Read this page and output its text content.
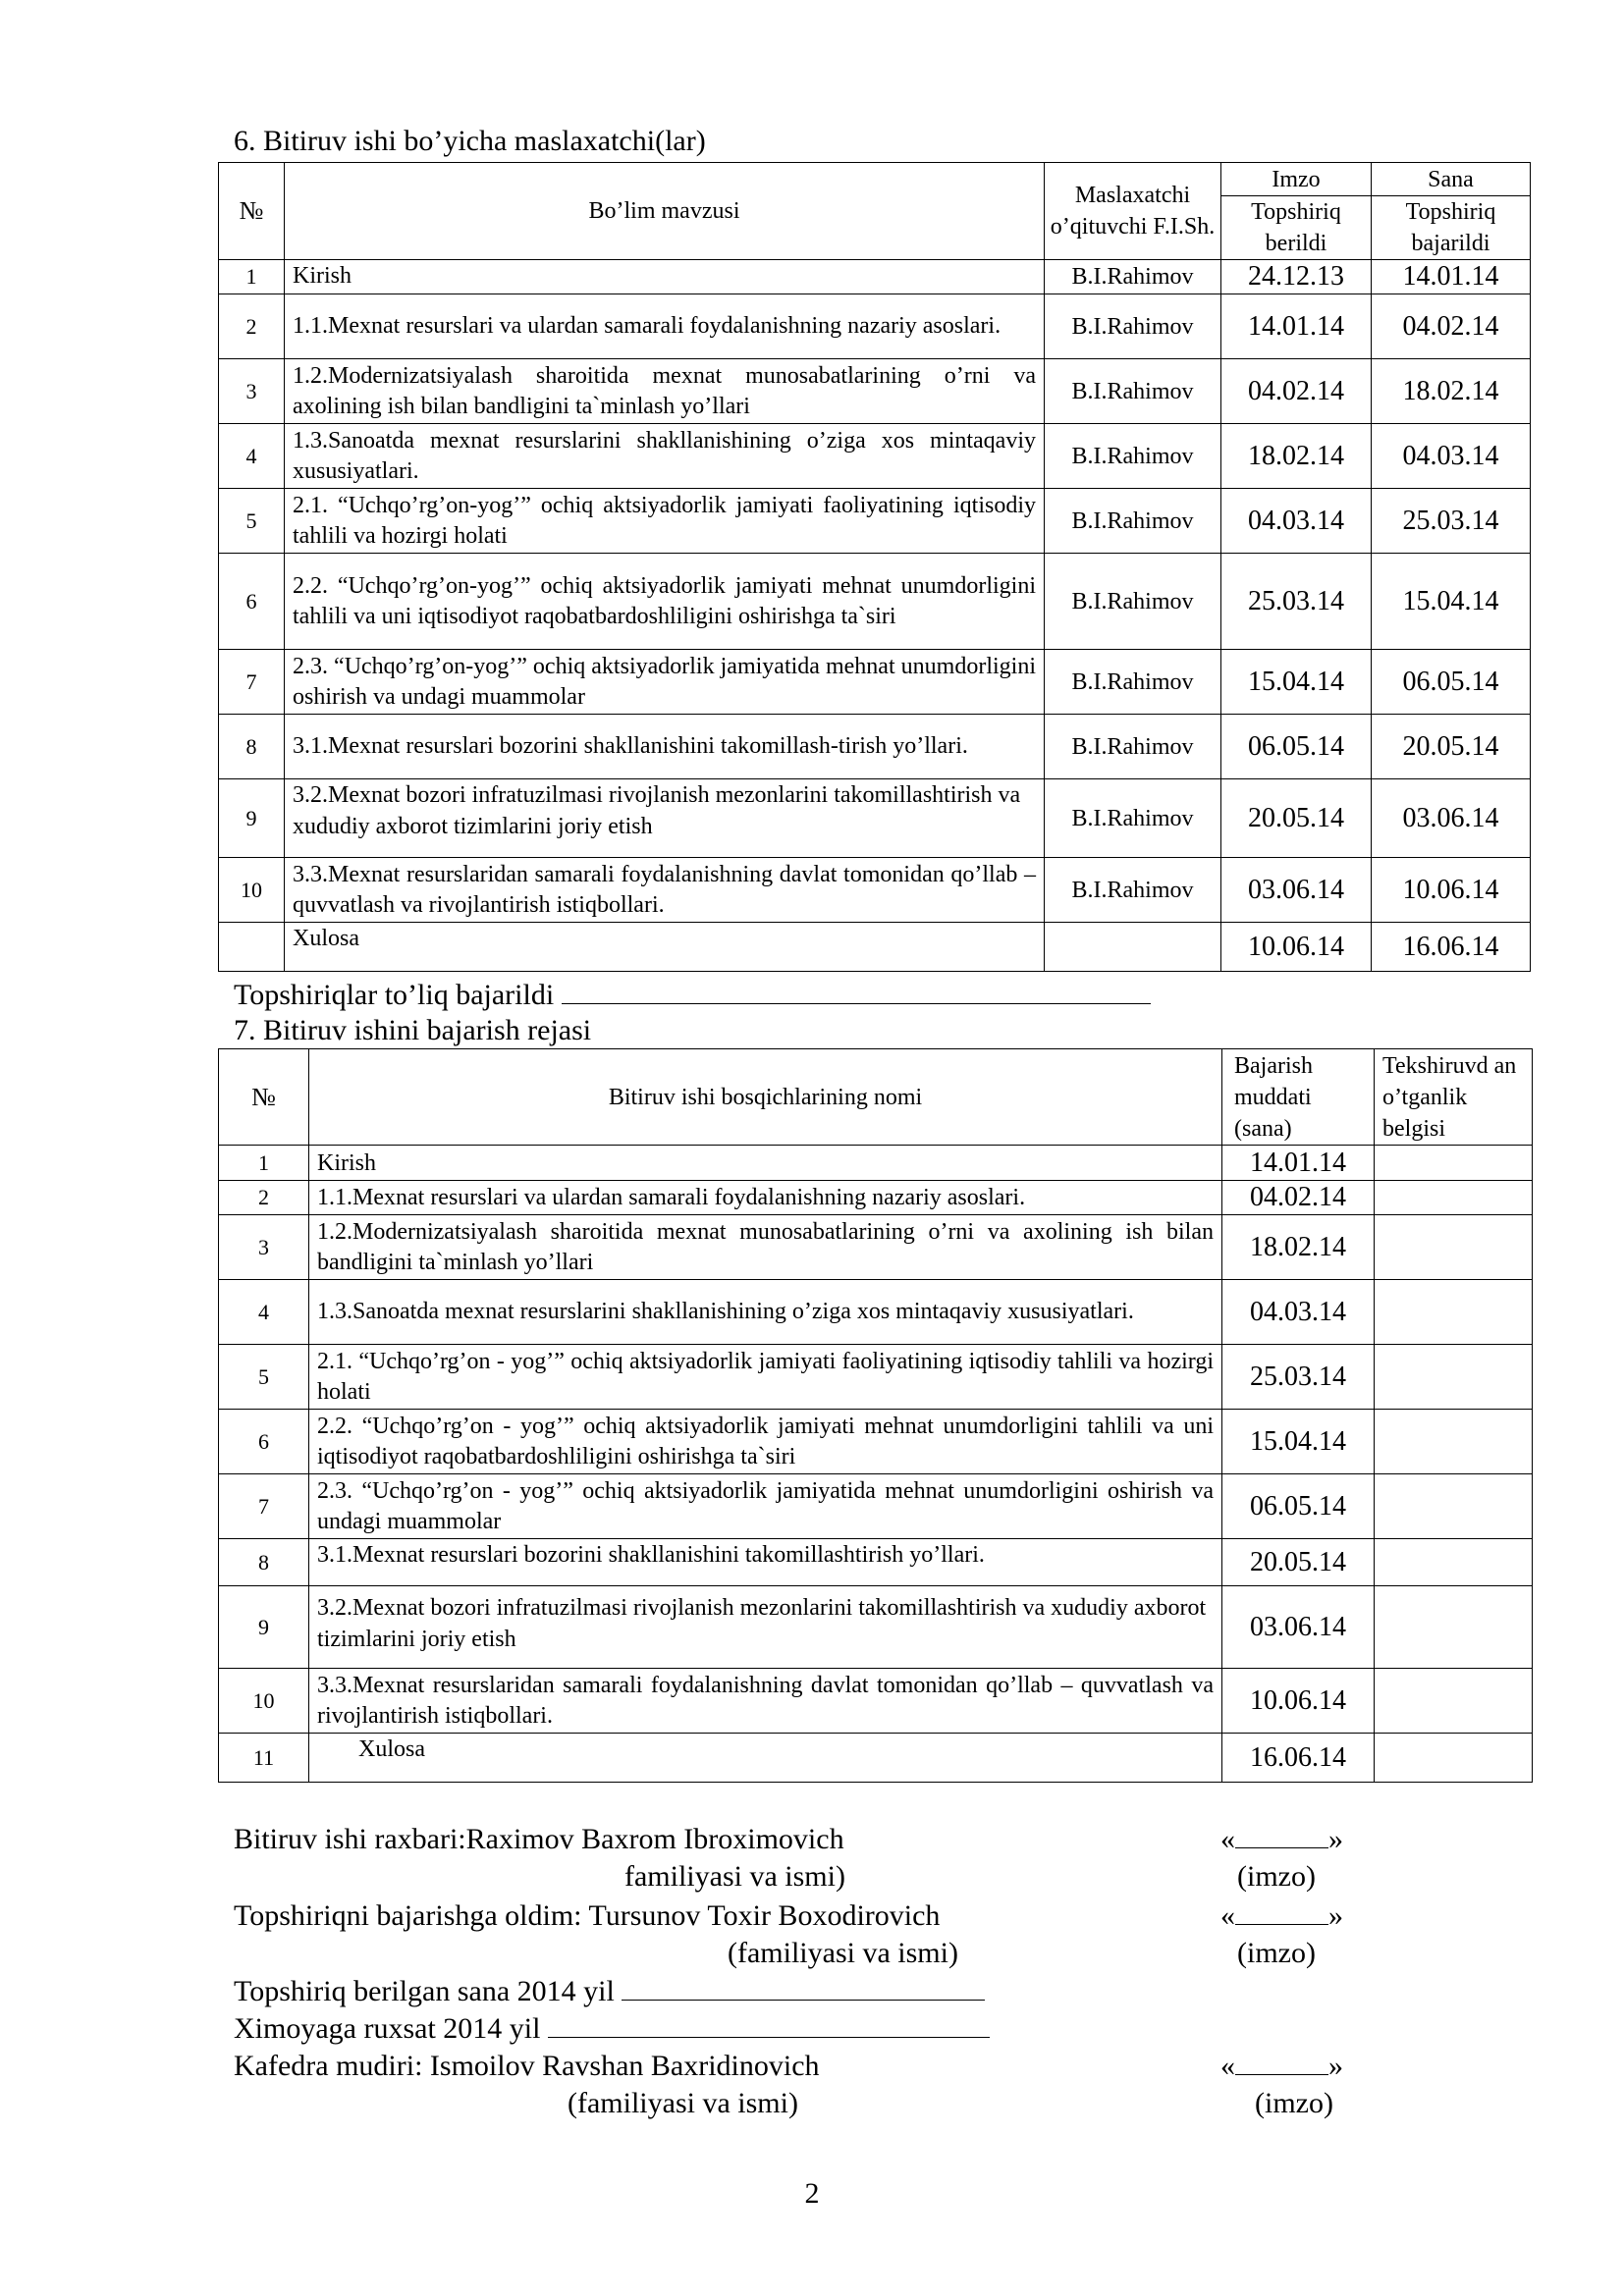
6. Bitiruv ishi bo’yicha maslaxatchi(lar)
№	Bo’lim mavzusi	Maslaxatchi o’qituvchi F.I.Sh.	Imzo	Sana
			Topshiriq berildi	Topshiriq bajarildi
1	Kirish	B.I.Rahimov	24.12.13	14.01.14
2	1.1.Mexnat resurslari va ulardan samarali foydalanishning nazariy asoslari.	B.I.Rahimov	14.01.14	04.02.14
3	1.2.Modernizatsiyalash sharoitida mexnat munosabatlarining o’rni va axolining ish bilan bandligini ta`minlash yo’llari	B.I.Rahimov	04.02.14	18.02.14
4	1.3.Sanoatda mexnat resurslarini shakllanishining o’ziga xos mintaqaviy xususiyatlari.	B.I.Rahimov	18.02.14	04.03.14
5	2.1. “Uchqo’rg’on-yog’” ochiq aktsiyadorlik jamiyati faoliyatining iqtisodiy tahlili va hozirgi holati	B.I.Rahimov	04.03.14	25.03.14
6	2.2. “Uchqo’rg’on-yog’” ochiq aktsiyadorlik jamiyati mehnat unumdorligini tahlili va uni iqtisodiyot raqobatbardoshliligini oshirishga ta`siri	B.I.Rahimov	25.03.14	15.04.14
7	2.3. “Uchqo’rg’on-yog’” ochiq aktsiyadorlik jamiyatida mehnat unumdorligini oshirish va undagi muammolar	B.I.Rahimov	15.04.14	06.05.14
8	3.1.Mexnat resurslari bozorini shakllanishini takomillash-tirish yo’llari.	B.I.Rahimov	06.05.14	20.05.14
9	3.2.Mexnat bozori infratuzilmasi rivojlanish mezonlarini takomillashtirish va xududiy axborot tizimlarini joriy etish	B.I.Rahimov	20.05.14	03.06.14
10	3.3.Mexnat resurslaridan samarali foydalanishning davlat tomonidan qo’llab – quvvatlash va rivojlantirish istiqbollari.	B.I.Rahimov	03.06.14	10.06.14
	Xulosa		10.06.14	16.06.14
Topshiriqlar to’liq bajarildi
7. Bitiruv ishini bajarish rejasi
№	Bitiruv ishi bosqichlarining nomi	Bajarish muddati (sana)	Tekshiruvd an o’tganlik belgisi
1	Kirish	14.01.14	
2	1.1.Mexnat resurslari va ulardan samarali foydalanishning nazariy asoslari.	04.02.14	
3	1.2.Modernizatsiyalash sharoitida mexnat munosabatlarining o’rni va axolining ish bilan bandligini ta`minlash yo’llari	18.02.14	
4	1.3.Sanoatda mexnat resurslarini shakllanishining o’ziga xos mintaqaviy xususiyatlari.	04.03.14	
5	2.1. “Uchqo’rg’on - yog’” ochiq aktsiyadorlik jamiyati faoliyatining iqtisodiy tahlili va hozirgi holati	25.03.14	
6	2.2. “Uchqo’rg’on - yog’” ochiq aktsiyadorlik jamiyati mehnat unumdorligini tahlili va uni iqtisodiyot raqobatbardoshliligini oshirishga ta`siri	15.04.14	
7	2.3. “Uchqo’rg’on - yog’” ochiq aktsiyadorlik jamiyatida mehnat unumdorligini oshirish va undagi muammolar	06.05.14	
8	3.1.Mexnat resurslari bozorini shakllanishini takomillashtirish yo’llari.	20.05.14	
9	3.2.Mexnat bozori infratuzilmasi rivojlanish mezonlarini takomillashtirish va xududiy axborot tizimlarini joriy etish	03.06.14	
10	3.3.Mexnat resurslaridan samarali foydalanishning davlat tomonidan qo’llab – quvvatlash va rivojlantirish istiqbollari.	10.06.14	
11	Xulosa	16.06.14	
Bitiruv ishi raxbari:Raximov Baxrom Ibroximovich	«	»
familiyasi va ismi)	(imzo)
Topshiriqni bajarishga oldim: Tursunov Toxir Boxodirovich	«	»
(familiyasi va ismi)	(imzo)
Topshiriq berilgan sana 2014 yil
Ximoyaga ruxsat 2014 yil
Kafedra mudiri: Ismoilov Ravshan Baxridinovich	«	»
(familiyasi va ismi)	(imzo)
2
